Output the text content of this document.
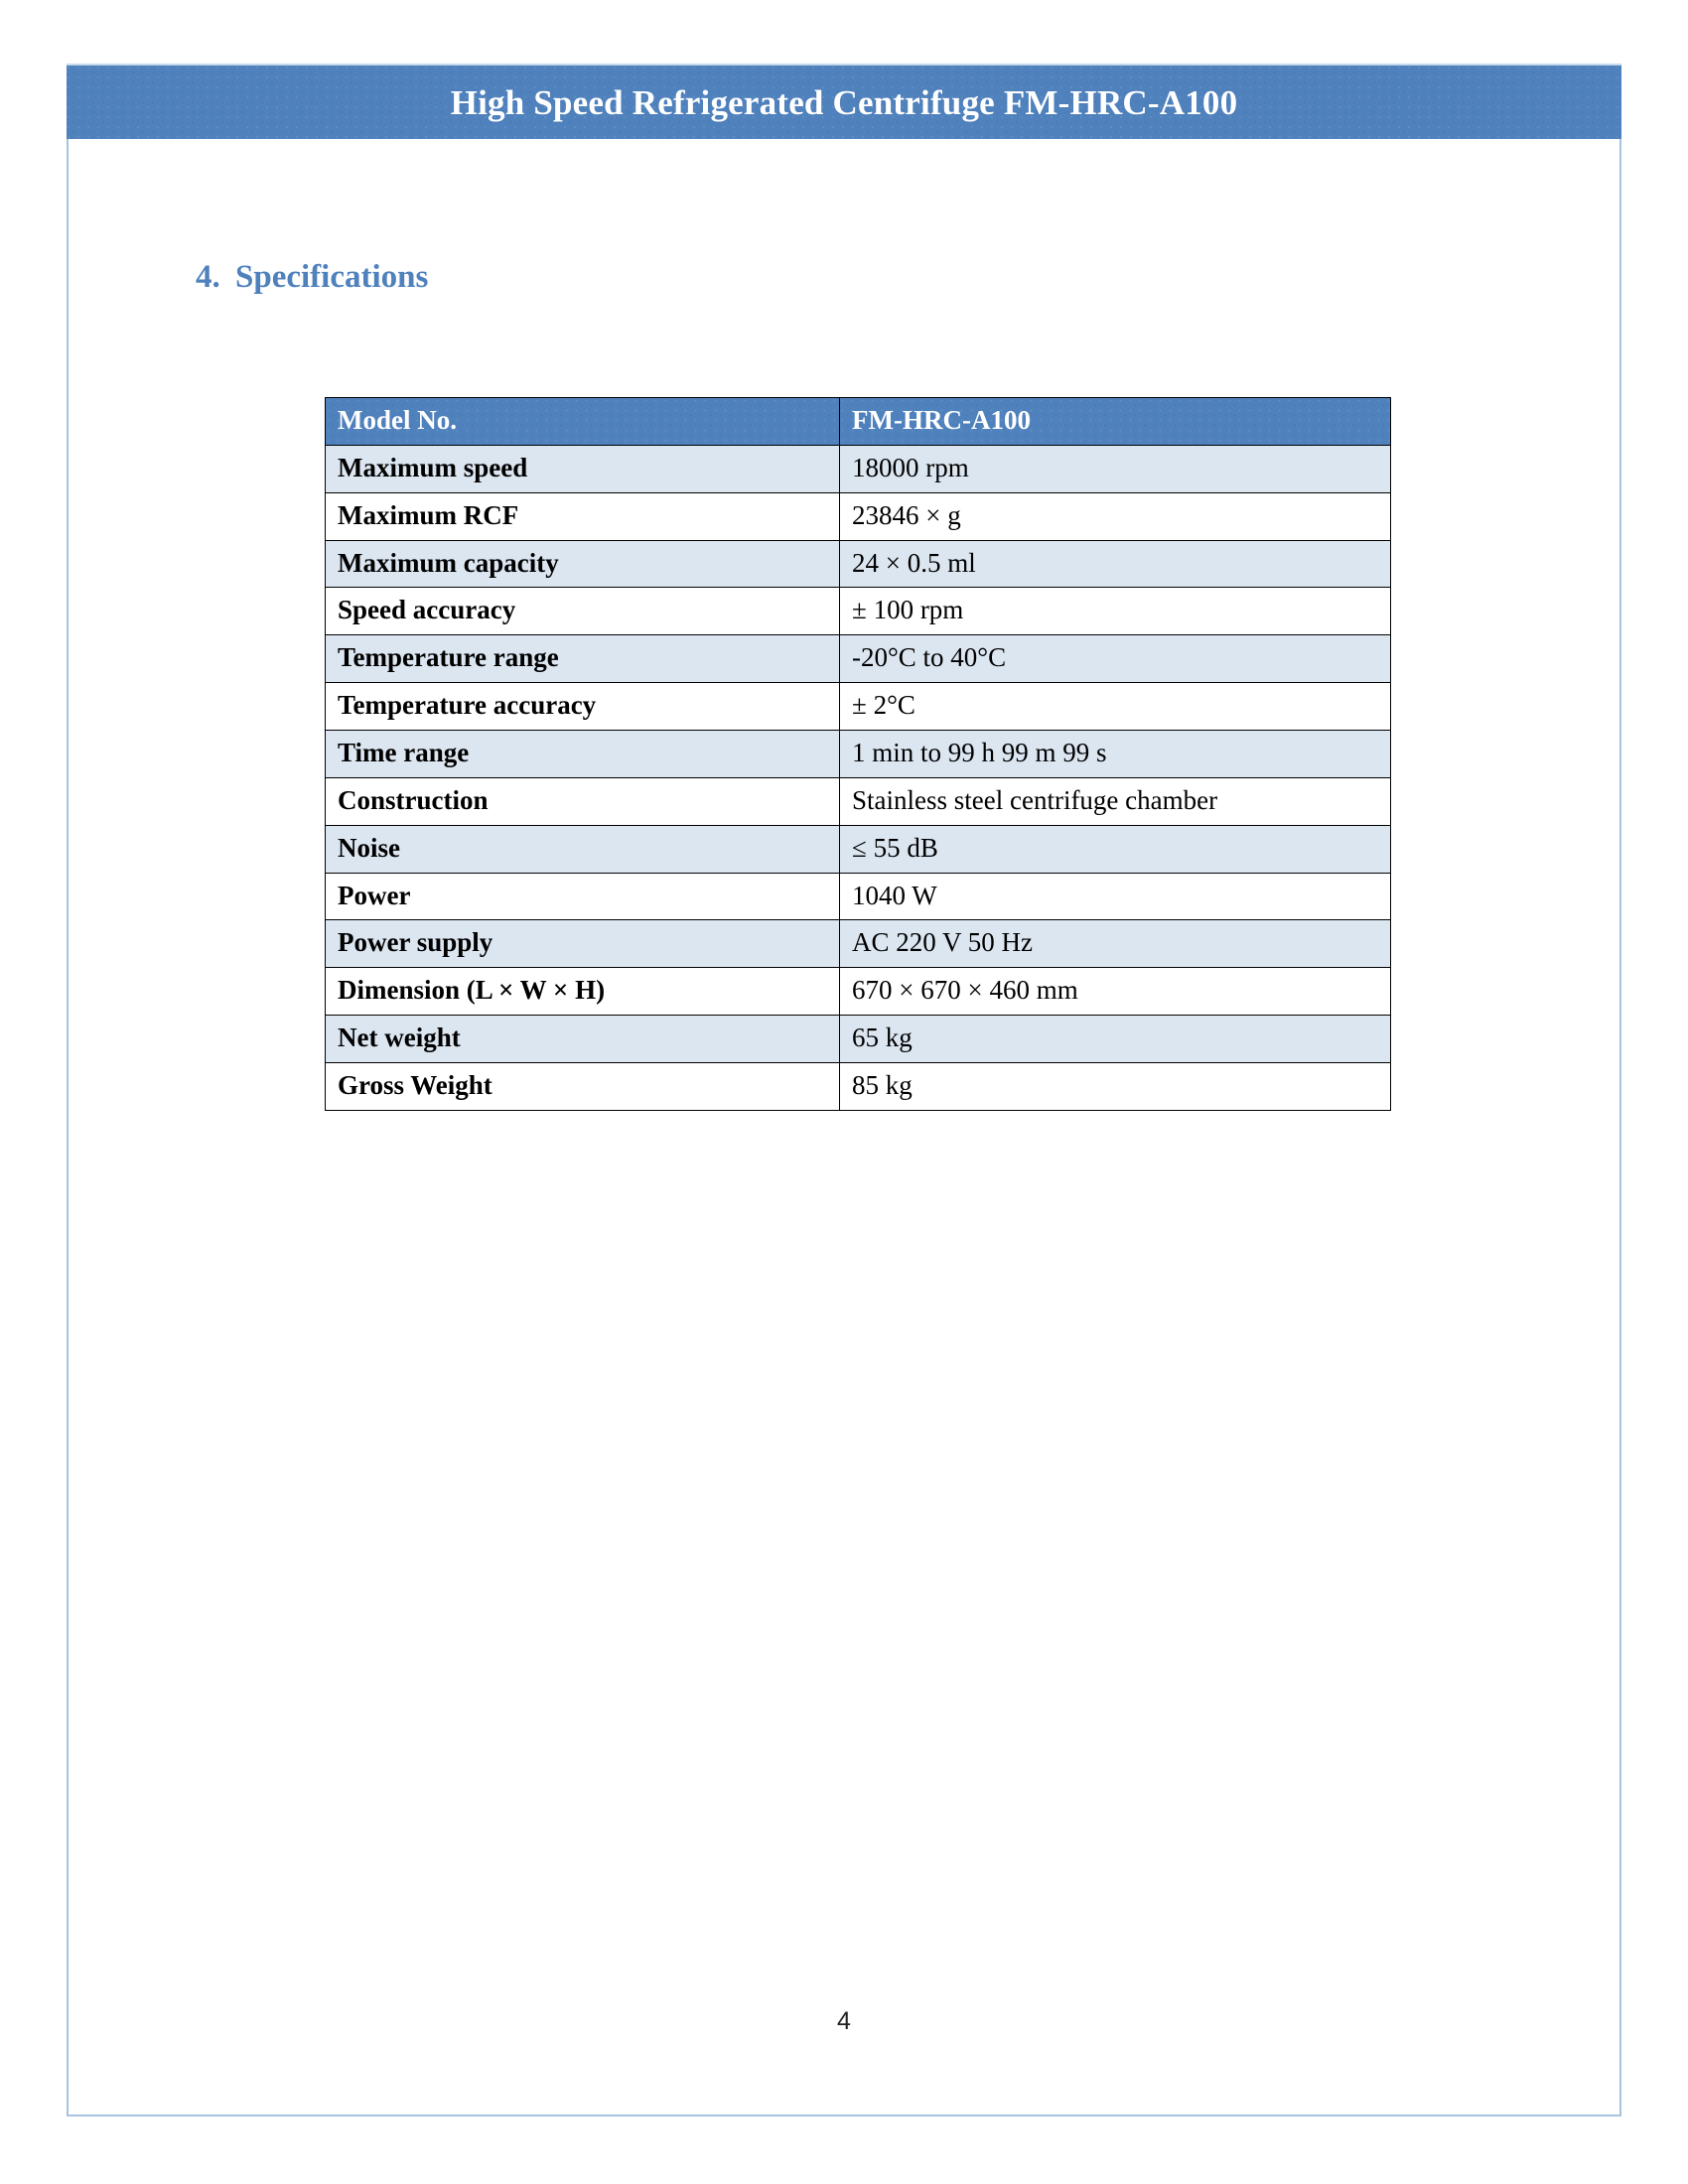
High Speed Refrigerated Centrifuge FM-HRC-A100
4. Specifications
Model No.	FM-HRC-A100
Maximum speed	18000 rpm
Maximum RCF	23846 × g
Maximum capacity	24 × 0.5 ml
Speed accuracy	± 100 rpm
Temperature range	-20°C to 40°C
Temperature accuracy	± 2°C
Time range	1 min to 99 h 99 m 99 s
Construction	Stainless steel centrifuge chamber
Noise	≤ 55 dB
Power	1040 W
Power supply	AC 220 V 50 Hz
Dimension (L × W × H)	670 × 670 × 460 mm
Net weight	65 kg
Gross Weight	85 kg
4
